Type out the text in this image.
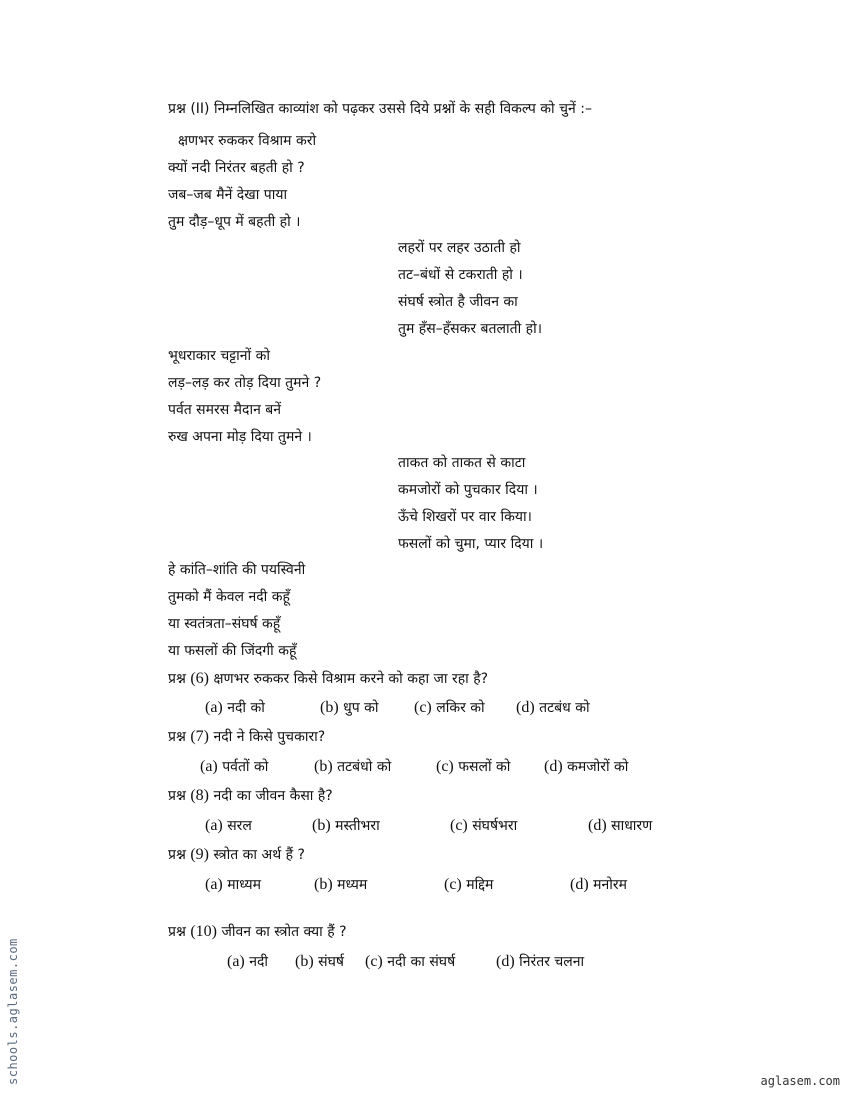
प्रश्न (II) निम्नलिखित काव्यांश को पढ़कर उससे दिये प्रश्नों के सही विकल्प को चुनें :–
क्षणभर रुककर विश्राम करो
क्यों नदी निरंतर बहती हो ?
जब–जब मैनें देखा पाया
तुम दौड़–धूप में बहती हो ।
लहरों पर लहर उठाती हो
तट–बंधों से टकराती हो ।
संघर्ष स्त्रोत है जीवन का
तुम हँस–हँसकर बतलाती हो।
भूधराकार चट्टानों को
लड़–लड़ कर तोड़ दिया तुमने ?
पर्वत समरस मैदान बनें
रुख अपना मोड़ दिया तुमने ।
ताकत को ताकत से काटा
कमजोरों को पुचकार दिया ।
ऊँचे शिखरों पर वार किया।
फसलों को चुमा, प्यार दिया ।
हे कांति–शांति की पयस्विनी
तुमको मैं केवल नदी कहूँ
या स्वतंत्रता–संघर्ष कहूँ
या फसलों की जिंदगी कहूँ
प्रश्न (6) क्षणभर रुककर किसे विश्राम करने को कहा जा रहा है?
(a) नदी को	(b) धुप को (c) लकिर को (d) तटबंध को
प्रश्न (7) नदी ने किसे पुचकारा?
(a) पर्वतों को	(b) तटबंधो को	(c) फसलों को (d) कमजोरों को
प्रश्न (8) नदी का जीवन कैसा है?
(a) सरल	(b) मस्तीभरा	(c) संघर्षभरा	(d) साधारण
प्रश्न (9) स्त्रोत का अर्थ हैं ?
(a) माध्यम	(b) मध्यम	(c) मद्दिम	(d) मनोरम
प्रश्न (10) जीवन का स्त्रोत क्या हैं ?
(a) नदी (b) संघर्ष (c) नदी का संघर्ष	(d) निरंतर चलना
schools.aglasem.com	aglasem.com
